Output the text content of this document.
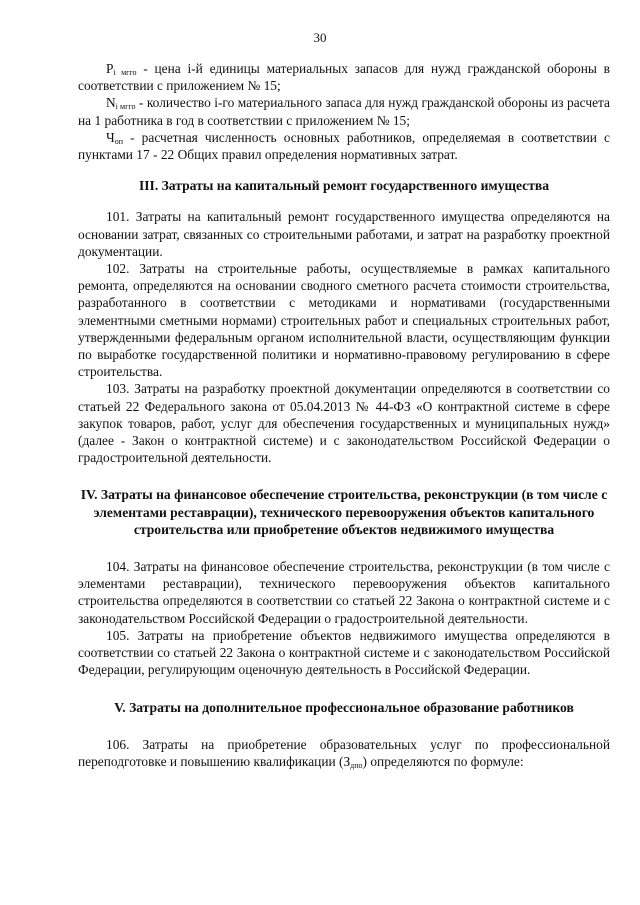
30

$P_{i мгго}$ - цена i-й единицы материальных запасов для нужд гражданской обороны в соответствии с приложением № 15;

$N_{i мгго}$ - количество i-го материального запаса для нужд гражданской обороны из расчета на 1 работника в год в соответствии с приложением № 15;

$Ч_{оп}$ - расчетная численность основных работников, определяемая в соответствии с пунктами 17 - 22 Общих правил определения нормативных затрат.

III. Затраты на капитальный ремонт государственного имущества

101. Затраты на капитальный ремонт государственного имущества определяются на основании затрат, связанных со строительными работами, и затрат на разработку проектной документации.

102. Затраты на строительные работы, осуществляемые в рамках капитального ремонта, определяются на основании сводного сметного расчета стоимости строительства, разработанного в соответствии с методиками и нормативами (государственными элементными сметными нормами) строительных работ и специальных строительных работ, утвержденными федеральным органом исполнительной власти, осуществляющим функции по выработке государственной политики и нормативно-правовому регулированию в сфере строительства.

103. Затраты на разработку проектной документации определяются в соответствии со статьей 22 Федерального закона от 05.04.2013 № 44-ФЗ «О контрактной системе в сфере закупок товаров, работ, услуг для обеспечения государственных и муниципальных нужд» (далее - Закон о контрактной системе) и с законодательством Российской Федерации о градостроительной деятельности.

IV. Затраты на финансовое обеспечение строительства, реконструкции (в том числе с элементами реставрации), технического перевооружения объектов капитального строительства или приобретение объектов недвижимого имущества

104. Затраты на финансовое обеспечение строительства, реконструкции (в том числе с элементами реставрации), технического перевооружения объектов капитального строительства определяются в соответствии со статьей 22 Закона о контрактной системе и с законодательством Российской Федерации о градостроительной деятельности.

105. Затраты на приобретение объектов недвижимого имущества определяются в соответствии со статьей 22 Закона о контрактной системе и с законодательством Российской Федерации, регулирующим оценочную деятельность в Российской Федерации.

V. Затраты на дополнительное профессиональное образование работников

106. Затраты на приобретение образовательных услуг по профессиональной переподготовке и повышению квалификации $(З_{дпо})$ определяются по формуле:
